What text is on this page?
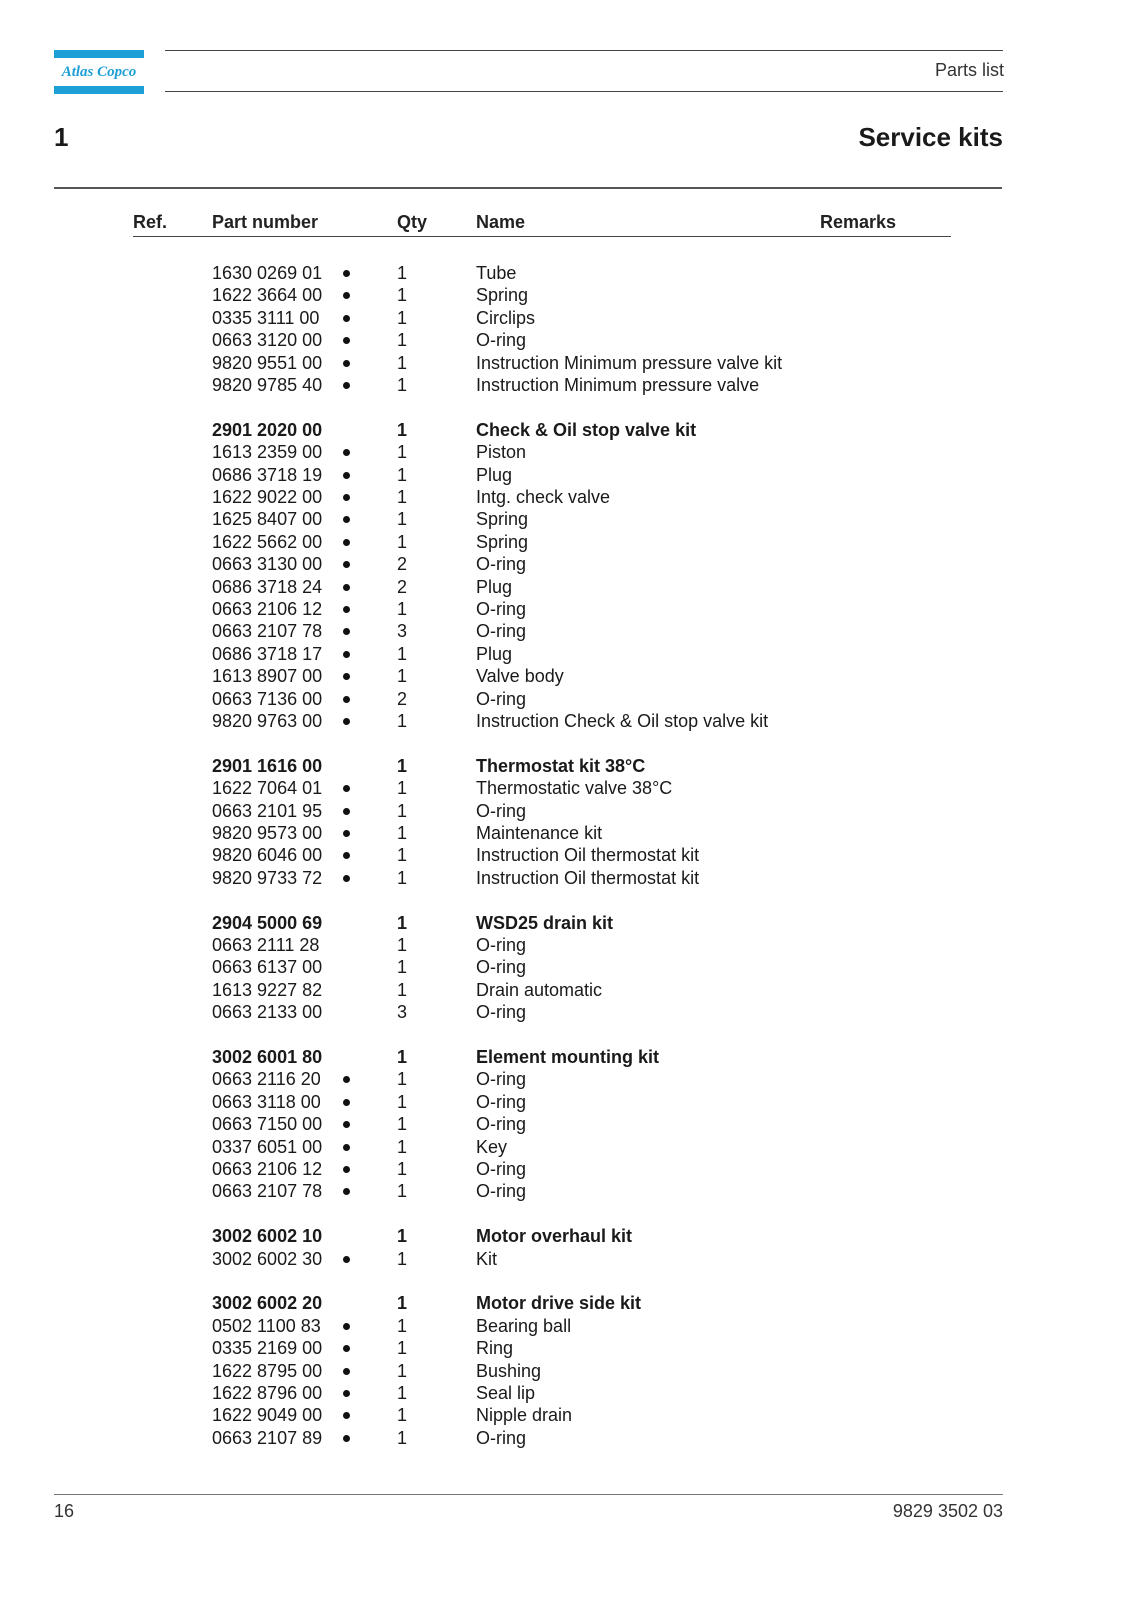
Atlas Copco	Parts list
1	Service kits
Ref. Part number	Qty	Name	Remarks
1630 0269 01	1	Tube
1622 3664 00	1	Spring
0335 3111 00	1	Circlips
0663 3120 00	1	O-ring
9820 9551 00	1	Instruction Minimum pressure valve kit
9820 9785 40	1	Instruction Minimum pressure valve
2901 2020 00	1	Check & Oil stop valve kit
1613 2359 00	1	Piston
0686 3718 19	1	Plug
1622 9022 00	1	Intg. check valve
1625 8407 00	1	Spring
1622 5662 00	1	Spring
0663 3130 00	2	O-ring
0686 3718 24	2	Plug
0663 2106 12	1	O-ring
0663 2107 78	3	O-ring
0686 3718 17	1	Plug
1613 8907 00	1	Valve body
0663 7136 00	2	O-ring
9820 9763 00	1	Instruction Check & Oil stop valve kit
2901 1616 00	1	Thermostat kit 38°C
1622 7064 01	1	Thermostatic valve 38°C
0663 2101 95	1	O-ring
9820 9573 00	1	Maintenance kit
9820 6046 00	1	Instruction Oil thermostat kit
9820 9733 72	1	Instruction Oil thermostat kit
2904 5000 69	1	WSD25 drain kit
0663 2111 28	1	O-ring
0663 6137 00	1	O-ring
1613 9227 82	1	Drain automatic
0663 2133 00	3	O-ring
3002 6001 80	1	Element mounting kit
0663 2116 20	1	O-ring
0663 3118 00	1	O-ring
0663 7150 00	1	O-ring
0337 6051 00	1	Key
0663 2106 12	1	O-ring
0663 2107 78	1	O-ring
3002 6002 10	1	Motor overhaul kit
3002 6002 30	1	Kit
3002 6002 20	1	Motor drive side kit
0502 1100 83	1	Bearing ball
0335 2169 00	1	Ring
1622 8795 00	1	Bushing
1622 8796 00	1	Seal lip
1622 9049 00	1	Nipple drain
0663 2107 89	1	O-ring
16	9829 3502 03
